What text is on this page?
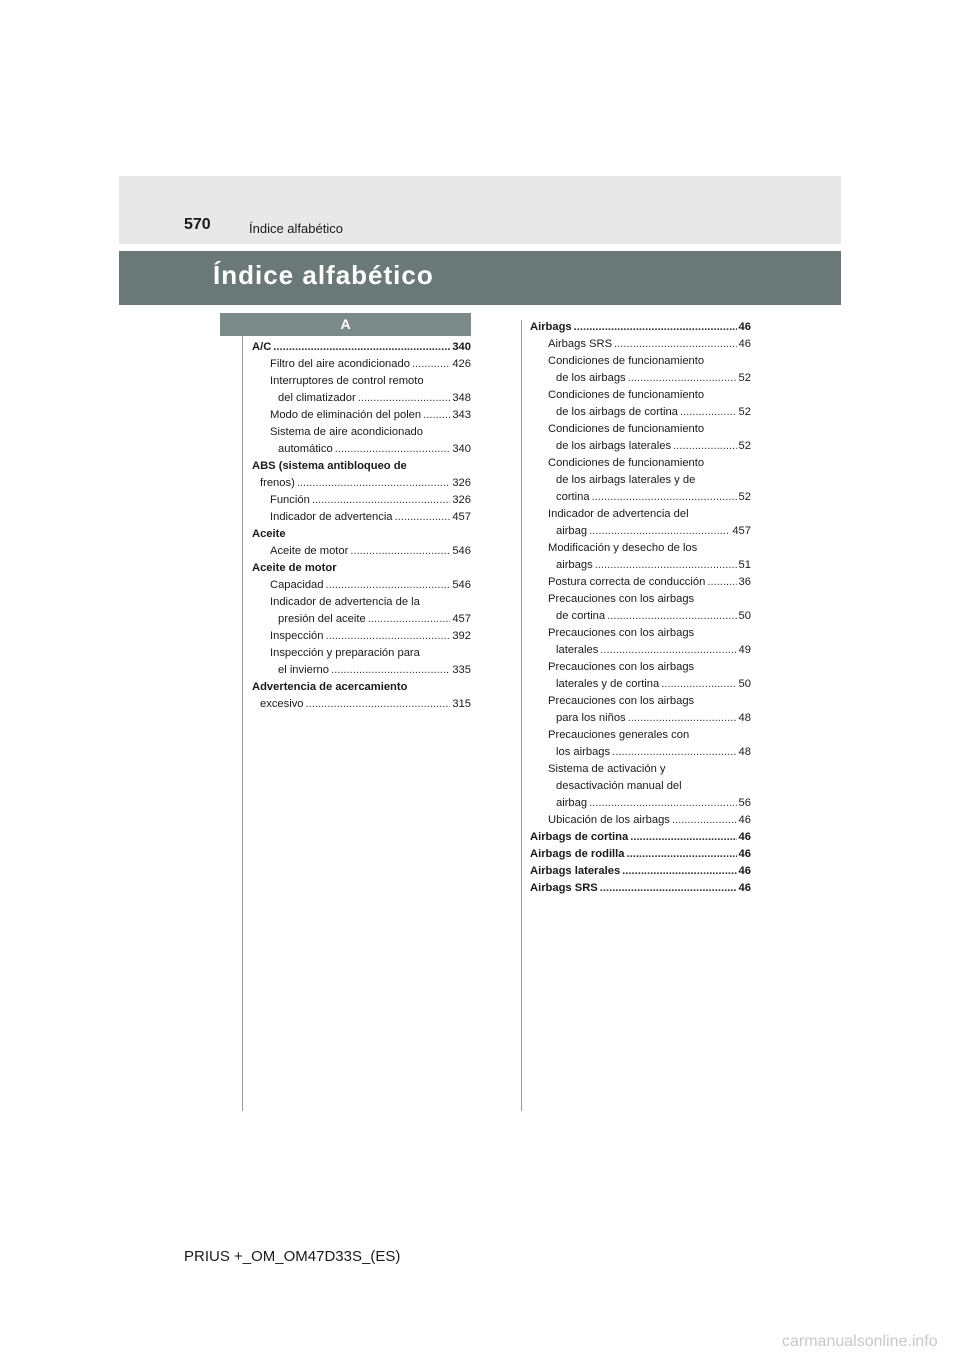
570	Índice alfabético
Índice alfabético
A
A/C .....	340
Filtro del aire acondicionado .....	426
Interruptores de control remoto
del climatizador .....	348
Modo de eliminación del polen .....	343
Sistema de aire acondicionado
automático .....	340
ABS (sistema antibloqueo de
frenos) .....	326
Función .....	326
Indicador de advertencia .....	457
Aceite
Aceite de motor .....	546
Aceite de motor
Capacidad .....	546
Indicador de advertencia de la
presión del aceite .....	457
Inspección .....	392
Inspección y preparación para
el invierno .....	335
Advertencia de acercamiento
excesivo .....	315
Airbags .....	46
Airbags SRS .....	46
Condiciones de funcionamiento
de los airbags .....	52
Condiciones de funcionamiento
de los airbags de cortina .....	52
Condiciones de funcionamiento
de los airbags laterales .....	52
Condiciones de funcionamiento
de los airbags laterales y de
cortina .....	52
Indicador de advertencia del
airbag .....	457
Modificación y desecho de los
airbags .....	51
Postura correcta de conducción .....	36
Precauciones con los airbags
de cortina .....	50
Precauciones con los airbags
laterales .....	49
Precauciones con los airbags
laterales y de cortina .....	50
Precauciones con los airbags
para los niños .....	48
Precauciones generales con
los airbags .....	48
Sistema de activación y
desactivación manual del
airbag .....	56
Ubicación de los airbags .....	46
Airbags de cortina .....	46
Airbags de rodilla .....	46
Airbags laterales .....	46
Airbags SRS .....	46
PRIUS +_OM_OM47D33S_(ES)
carmanualsonline.info
